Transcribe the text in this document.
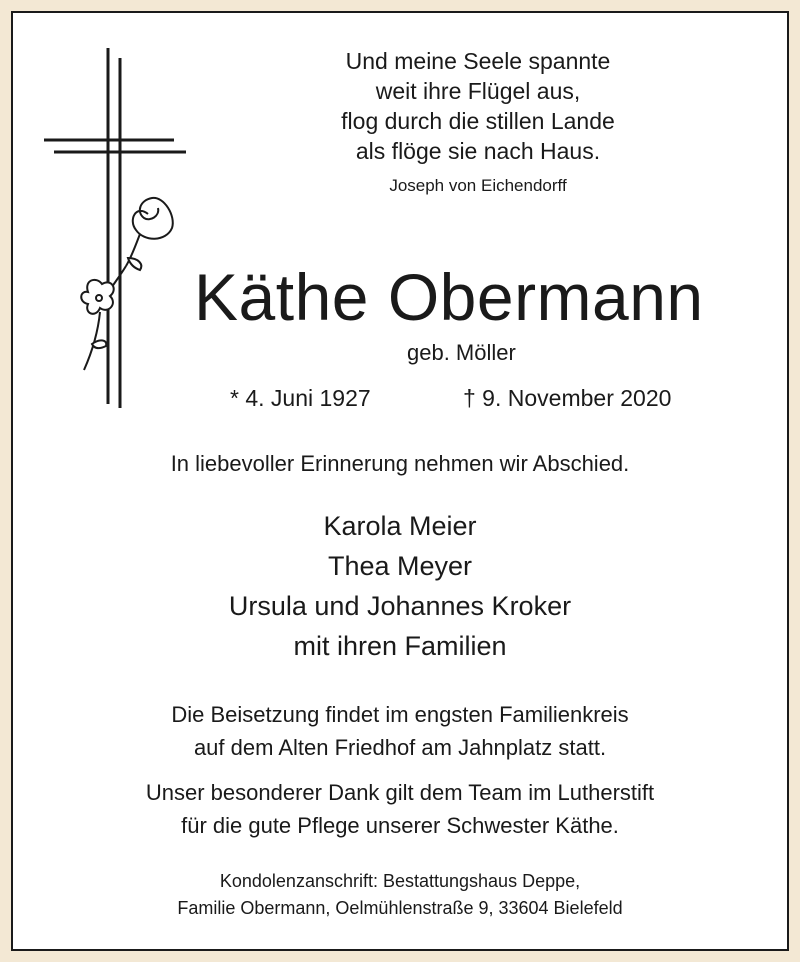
Und meine Seele spannte
weit ihre Flügel aus,
flog durch die stillen Lande
als flöge sie nach Haus.
Joseph von Eichendorff
Käthe Obermann
geb. Möller
* 4. Juni 1927	† 9. November 2020
In liebevoller Erinnerung nehmen wir Abschied.
Karola Meier
Thea Meyer
Ursula und Johannes Kroker
mit ihren Familien
Die Beisetzung findet im engsten Familienkreis
auf dem Alten Friedhof am Jahnplatz statt.
Unser besonderer Dank gilt dem Team im Lutherstift
für die gute Pflege unserer Schwester Käthe.
Kondolenzanschrift: Bestattungshaus Deppe,
Familie Obermann, Oelmühlenstraße 9, 33604 Bielefeld
